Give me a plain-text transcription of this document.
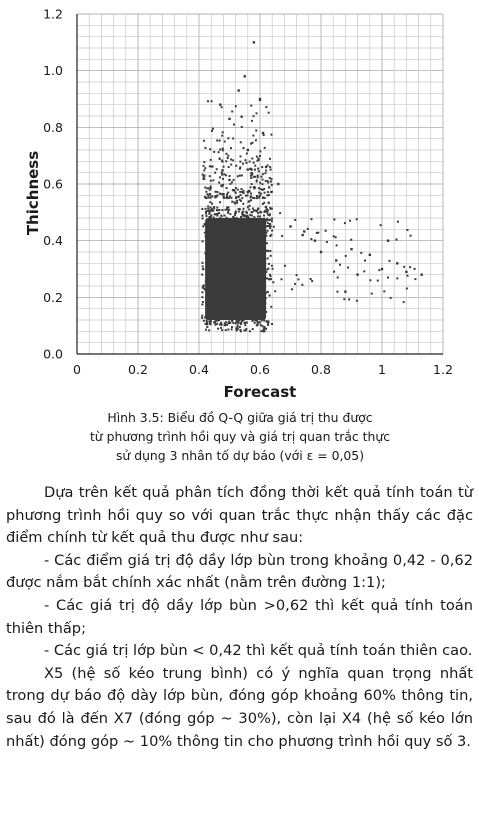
0	0.2	0.4	0.6	0.8	1	1.2
0.0
0.2
0.4
0.6
0.8
1.0
1.2
Forecast
Thichness
Hình 3.5: Biểu đồ Q-Q giữa giá trị thu được
từ phương trình hồi quy và giá trị quan trắc thực
sử dụng 3 nhân tố dự báo (với ε = 0,05)

Dựa trên kết quả phân tích đồng thời kết quả tính toán từ phương trình hồi quy so với quan trắc thực nhận thấy các đặc điểm chính từ kết quả thu được như sau:

- Các điểm giá trị độ dầy lớp bùn trong khoảng 0,42 - 0,62 được nắm bắt chính xác nhất (nằm trên đường 1:1);

- Các giá trị độ dầy lớp bùn >0,62 thì kết quả tính toán thiên thấp;

- Các giá trị lớp bùn < 0,42 thì kết quả tính toán thiên cao.

X5 (hệ số kéo trung bình) có ý nghĩa quan trọng nhất trong dự báo độ dày lớp bùn, đóng góp khoảng 60% thông tin, sau đó là đến X7 (đóng góp ~ 30%), còn lại X4 (hệ số kéo lớn nhất) đóng góp ~ 10% thông tin cho phương trình hồi quy số 3.
